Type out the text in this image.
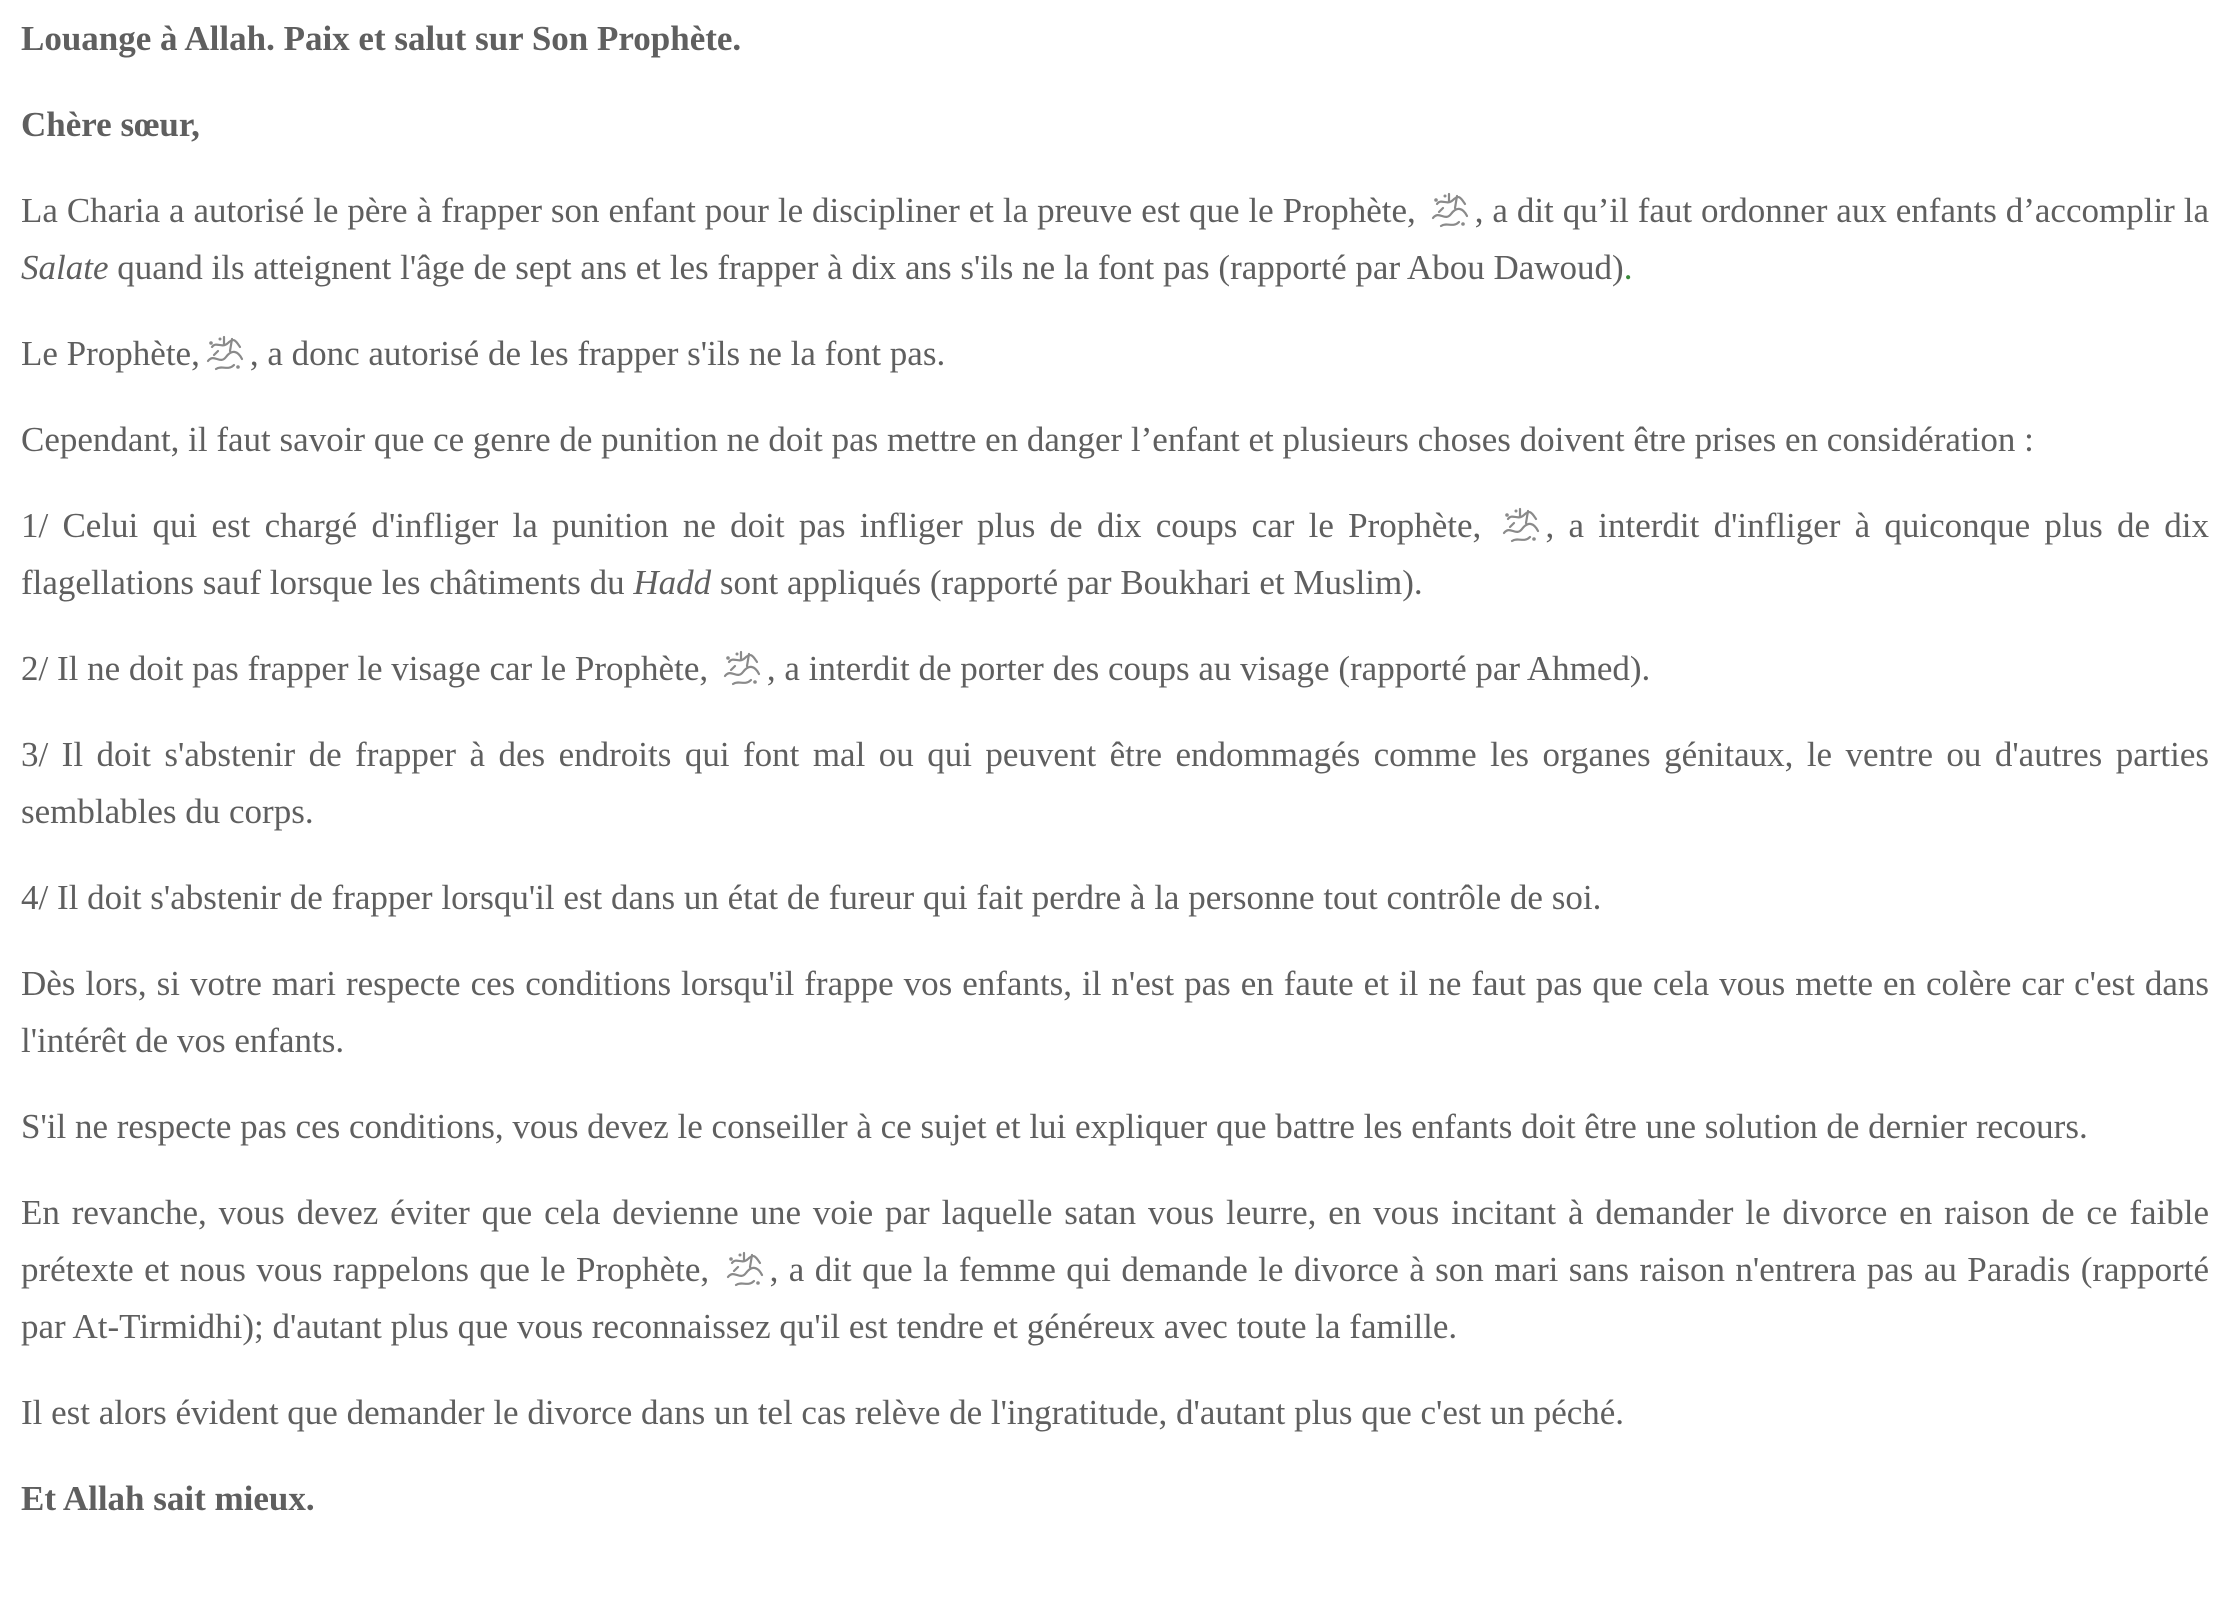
Louange à Allah. Paix et salut sur Son Prophète.

Chère sœur,

La Charia a autorisé le père à frapper son enfant pour le discipliner et la preuve est que le Prophète, , a dit qu’il faut ordonner aux enfants d’accomplir la Salate quand ils atteignent l'âge de sept ans et les frapper à dix ans s'ils ne la font pas (rapporté par Abou Dawoud).

Le Prophète, , a donc autorisé de les frapper s'ils ne la font pas.

Cependant, il faut savoir que ce genre de punition ne doit pas mettre en danger l’enfant et plusieurs choses doivent être prises en considération :

1/ Celui qui est chargé d'infliger la punition ne doit pas infliger plus de dix coups car le Prophète, , a interdit d'infliger à quiconque plus de dix flagellations sauf lorsque les châtiments du Hadd sont appliqués (rapporté par Boukhari et Muslim).

2/ Il ne doit pas frapper le visage car le Prophète, , a interdit de porter des coups au visage (rapporté par Ahmed).

3/ Il doit s'abstenir de frapper à des endroits qui font mal ou qui peuvent être endommagés comme les organes génitaux, le ventre ou d'autres parties semblables du corps.

4/ Il doit s'abstenir de frapper lorsqu'il est dans un état de fureur qui fait perdre à la personne tout contrôle de soi.

Dès lors, si votre mari respecte ces conditions lorsqu'il frappe vos enfants, il n'est pas en faute et il ne faut pas que cela vous mette en colère car c'est dans l'intérêt de vos enfants.

S'il ne respecte pas ces conditions, vous devez le conseiller à ce sujet et lui expliquer que battre les enfants doit être une solution de dernier recours.

En revanche, vous devez éviter que cela devienne une voie par laquelle satan vous leurre, en vous incitant à demander le divorce en raison de ce faible prétexte et nous vous rappelons que le Prophète, , a dit que la femme qui demande le divorce à son mari sans raison n'entrera pas au Paradis (rapporté par At-Tirmidhi); d'autant plus que vous reconnaissez qu'il est tendre et généreux avec toute la famille.

Il est alors évident que demander le divorce dans un tel cas relève de l'ingratitude, d'autant plus que c'est un péché.

Et Allah sait mieux.
